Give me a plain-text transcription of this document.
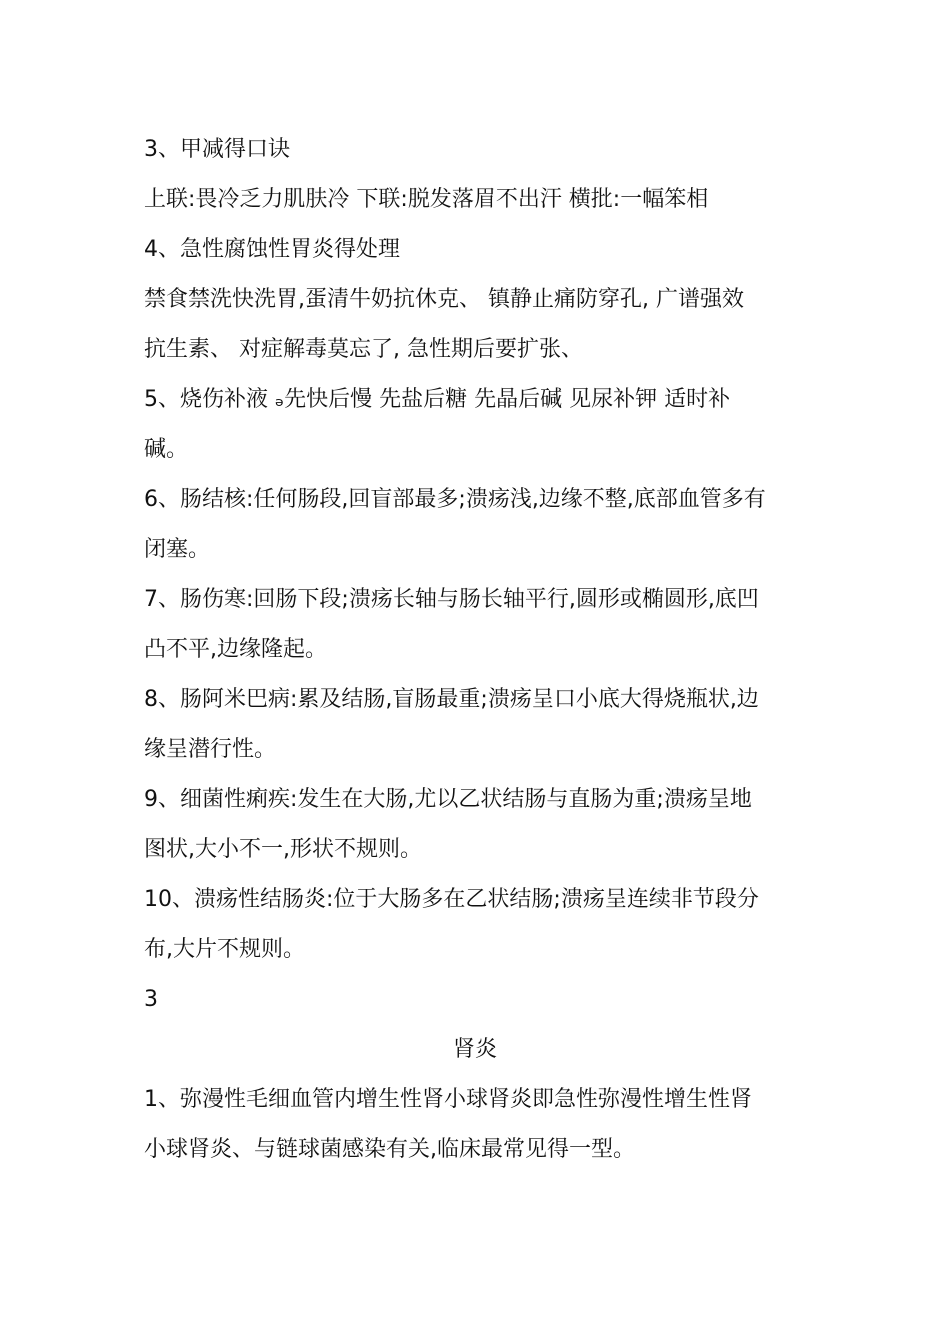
3、甲减得口诀
上联:畏冷乏力肌肤冷 下联:脱发落眉不出汗 横批:一幅笨相
4、急性腐蚀性胃炎得处理
禁食禁洗快洗胃,蛋清牛奶抗休克、 镇静止痛防穿孔, 广谱强效
抗生素、 对症解毒莫忘了, 急性期后要扩张、
5、烧伤补液 ₔ先快后慢 先盐后糖 先晶后碱 见尿补钾 适时补
碱。
6、肠结核:任何肠段,回盲部最多;溃疡浅,边缘不整,底部血管多有
闭塞。
7、肠伤寒:回肠下段;溃疡长轴与肠长轴平行,圆形或椭圆形,底凹
凸不平,边缘隆起。
8、肠阿米巴病:累及结肠,盲肠最重;溃疡呈口小底大得烧瓶状,边
缘呈潜行性。
9、细菌性痢疾:发生在大肠,尤以乙状结肠与直肠为重;溃疡呈地
图状,大小不一,形状不规则。
10、溃疡性结肠炎:位于大肠多在乙状结肠;溃疡呈连续非节段分
布,大片不规则。
3
肾炎
1、弥漫性毛细血管内增生性肾小球肾炎即急性弥漫性增生性肾
小球肾炎、与链球菌感染有关,临床最常见得一型。
